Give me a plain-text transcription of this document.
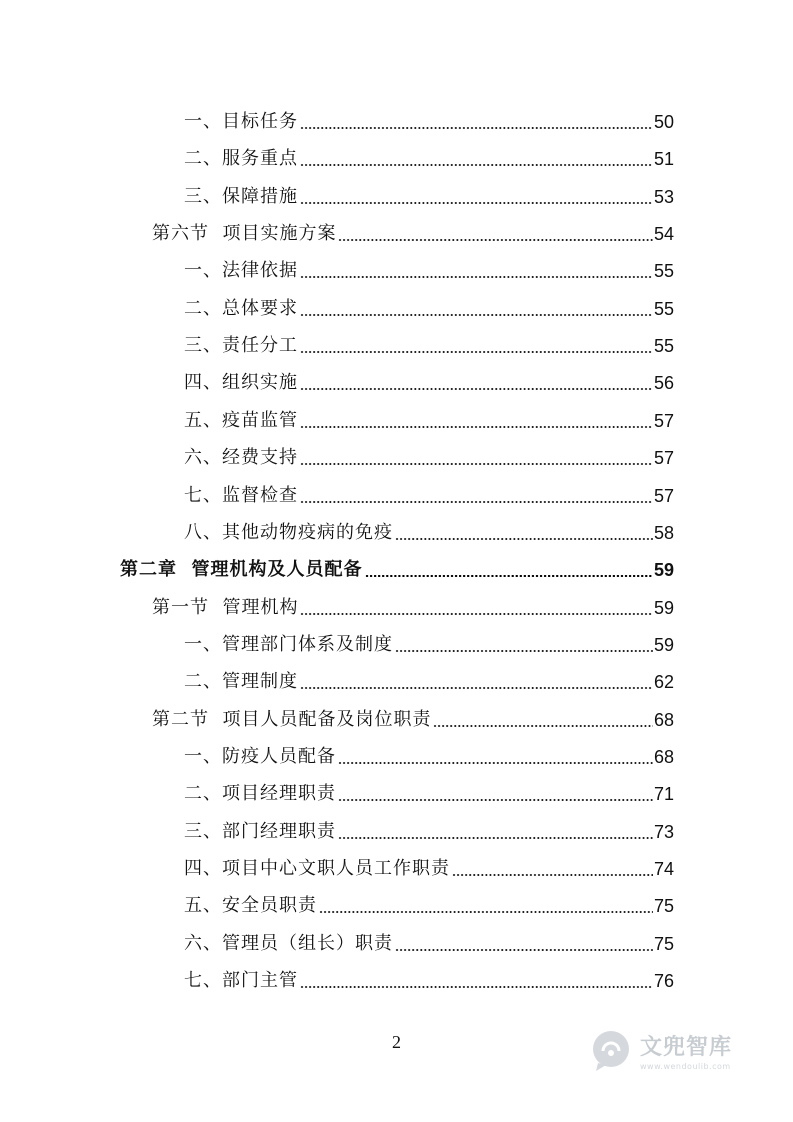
一、目标任务	50
二、服务重点	51
三、保障措施	53
第六节  项目实施方案	54
一、法律依据	55
二、总体要求	55
三、责任分工	55
四、组织实施	56
五、疫苗监管	57
六、经费支持	57
七、监督检查	57
八、其他动物疫病的免疫	58
第二章  管理机构及人员配备	59
第一节  管理机构	59
一、管理部门体系及制度	59
二、管理制度	62
第二节  项目人员配备及岗位职责	68
一、防疫人员配备	68
二、项目经理职责	71
三、部门经理职责	73
四、项目中心文职人员工作职责	74
五、安全员职责	75
六、管理员（组长）职责	75
七、部门主管	76
2	文兜智库
www.wendoulib.com
